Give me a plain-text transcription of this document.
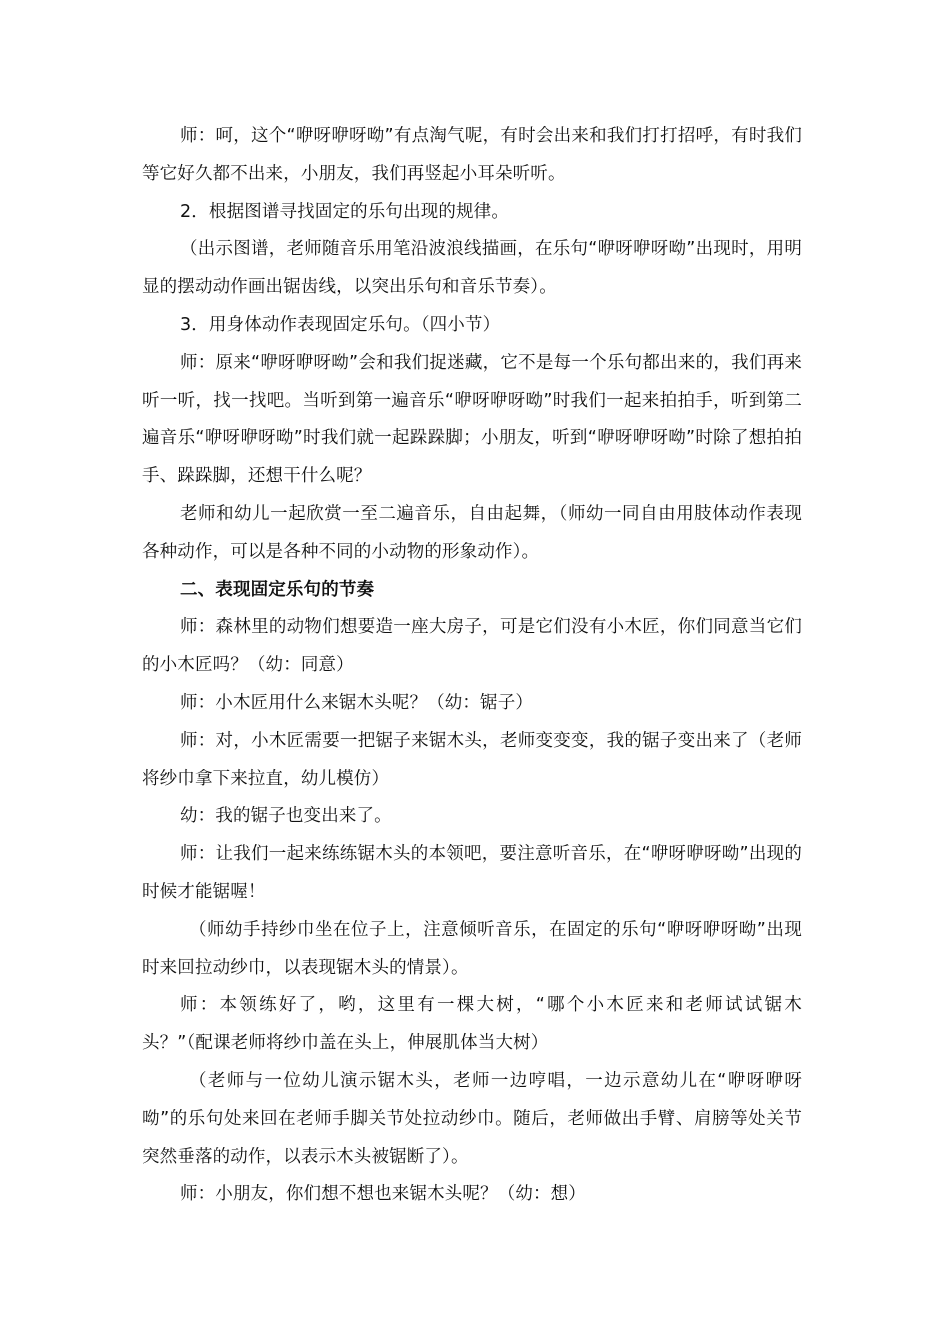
师：呵，这个“咿呀咿呀呦”有点淘气呢，有时会出来和我们打打招呼，有时我们等它好久都不出来，小朋友，我们再竖起小耳朵听听。

2．根据图谱寻找固定的乐句出现的规律。

（出示图谱，老师随音乐用笔沿波浪线描画，在乐句“咿呀咿呀呦”出现时，用明显的摆动动作画出锯齿线，以突出乐句和音乐节奏）。

3．用身体动作表现固定乐句。（四小节）

师：原来“咿呀咿呀呦”会和我们捉迷藏，它不是每一个乐句都出来的，我们再来听一听，找一找吧。当听到第一遍音乐“咿呀咿呀呦”时我们一起来拍拍手，听到第二遍音乐“咿呀咿呀呦”时我们就一起跺跺脚；小朋友，听到“咿呀咿呀呦”时除了想拍拍手、跺跺脚，还想干什么呢？

老师和幼儿一起欣赏一至二遍音乐，自由起舞，（师幼一同自由用肢体动作表现各种动作，可以是各种不同的小动物的形象动作）。

二、表现固定乐句的节奏

师：森林里的动物们想要造一座大房子，可是它们没有小木匠，你们同意当它们的小木匠吗？（幼：同意）

师：小木匠用什么来锯木头呢？（幼：锯子）

师：对，小木匠需要一把锯子来锯木头，老师变变变，我的锯子变出来了（老师将纱巾拿下来拉直，幼儿模仿）

幼：我的锯子也变出来了。

师：让我们一起来练练锯木头的本领吧，要注意听音乐，在“咿呀咿呀呦”出现的时候才能锯喔！

（师幼手持纱巾坐在位子上，注意倾听音乐，在固定的乐句“咿呀咿呀呦”出现时来回拉动纱巾，以表现锯木头的情景）。

师：本领练好了，哟，这里有一棵大树，“哪个小木匠来和老师试试锯木头？”（配课老师将纱巾盖在头上，伸展肌体当大树）

（老师与一位幼儿演示锯木头，老师一边哼唱，一边示意幼儿在“咿呀咿呀呦”的乐句处来回在老师手脚关节处拉动纱巾。随后，老师做出手臂、肩膀等处关节突然垂落的动作，以表示木头被锯断了）。

师：小朋友，你们想不想也来锯木头呢？（幼：想）
